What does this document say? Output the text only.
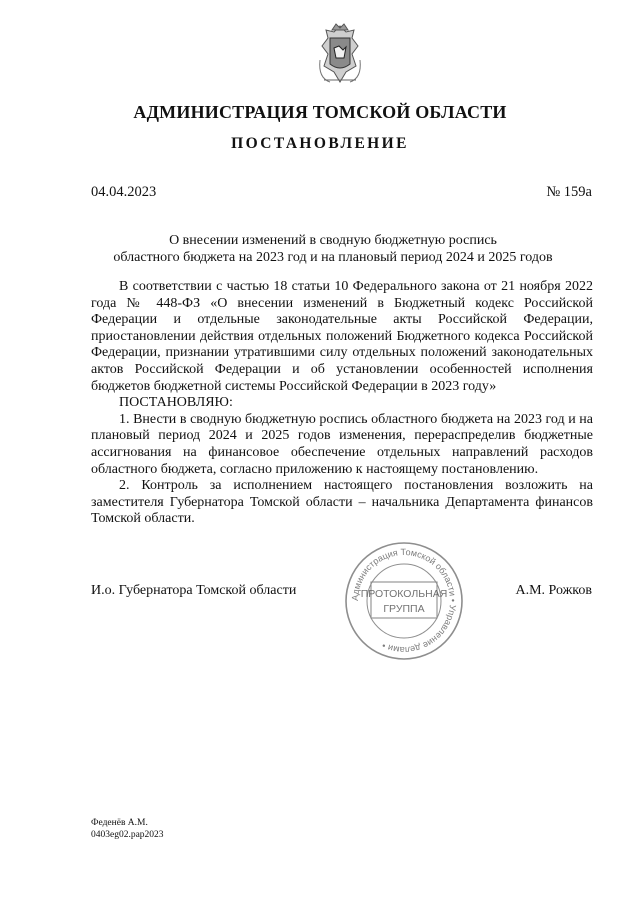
АДМИНИСТРАЦИЯ ТОМСКОЙ ОБЛАСТИ
ПОСТАНОВЛЕНИЕ
04.04.2023	№ 159а
О внесении изменений в сводную бюджетную роспись
областного бюджета на 2023 год и на плановый период 2024 и 2025 годов

В соответствии с частью 18 статьи 10 Федерального закона от 21 ноября 2022 года № 448-ФЗ «О внесении изменений в Бюджетный кодекс Российской Федерации и отдельные законодательные акты Российской Федерации, приостановлении действия отдельных положений Бюджетного кодекса Российской Федерации, признании утратившими силу отдельных положений законодательных актов Российской Федерации и об установлении особенностей исполнения бюджетов бюджетной системы Российской Федерации в 2023 году»

ПОСТАНОВЛЯЮ:

1. Внести в сводную бюджетную роспись областного бюджета на 2023 год и на плановый период 2024 и 2025 годов изменения, перераспределив бюджетные ассигнования на финансовое обеспечение отдельных направлений расходов областного бюджета, согласно приложению к настоящему постановлению.

2. Контроль за исполнением настоящего постановления возложить на заместителя Губернатора Томской области – начальника Департамента финансов Томской области.

Администрация Томской области • Управление делами •
ПРОТОКОЛЬНАЯ
ГРУППА
И.о. Губернатора Томской области	А.М. Рожков
Феденёв А.М.
0403eg02.pap2023
